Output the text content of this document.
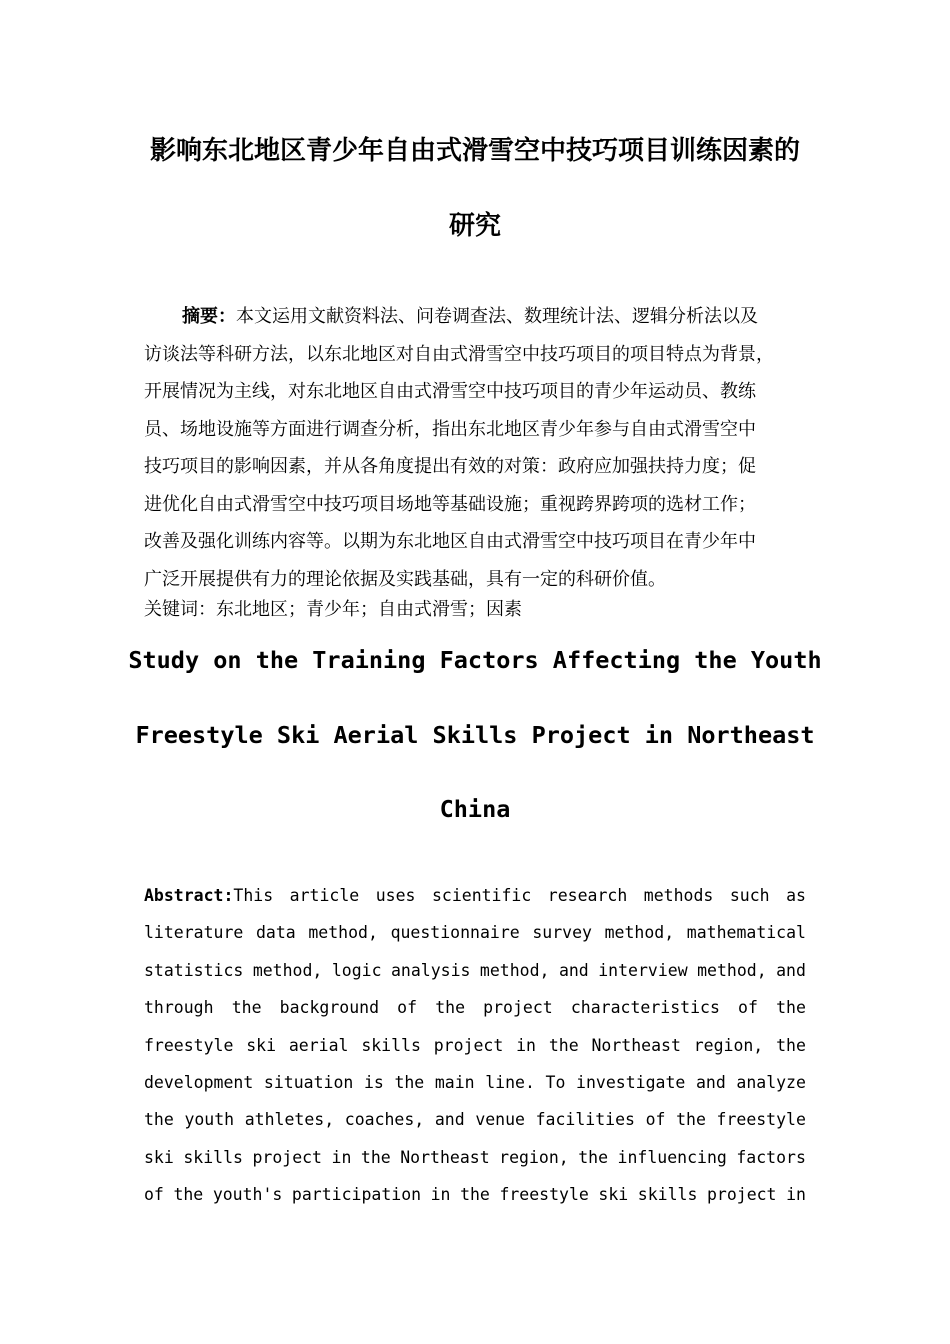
影响东北地区青少年自由式滑雪空中技巧项目训练因素的
研究
摘要：本文运用文献资料法、问卷调查法、数理统计法、逻辑分析法以及
访谈法等科研方法，以东北地区对自由式滑雪空中技巧项目的项目特点为背景，
开展情况为主线，对东北地区自由式滑雪空中技巧项目的青少年运动员、教练
员、场地设施等方面进行调查分析，指出东北地区青少年参与自由式滑雪空中
技巧项目的影响因素，并从各角度提出有效的对策：政府应加强扶持力度；促
进优化自由式滑雪空中技巧项目场地等基础设施；重视跨界跨项的选材工作；
改善及强化训练内容等。以期为东北地区自由式滑雪空中技巧项目在青少年中
广泛开展提供有力的理论依据及实践基础，具有一定的科研价值。

关键词：东北地区；青少年；自由式滑雪；因素

Study on the Training Factors Affecting the Youth
Freestyle Ski Aerial Skills Project in Northeast
China
Abstract:This article uses scientific research methods such as
literature data method, questionnaire survey method, mathematical
statistics method, logic analysis method, and interview method, and
through the background of the project characteristics of the
freestyle ski aerial skills project in the Northeast region, the
development situation is the main line. To investigate and analyze
the youth athletes, coaches, and venue facilities of the freestyle
ski skills project in the Northeast region, the influencing factors
of the youth's participation in the freestyle ski skills project in
